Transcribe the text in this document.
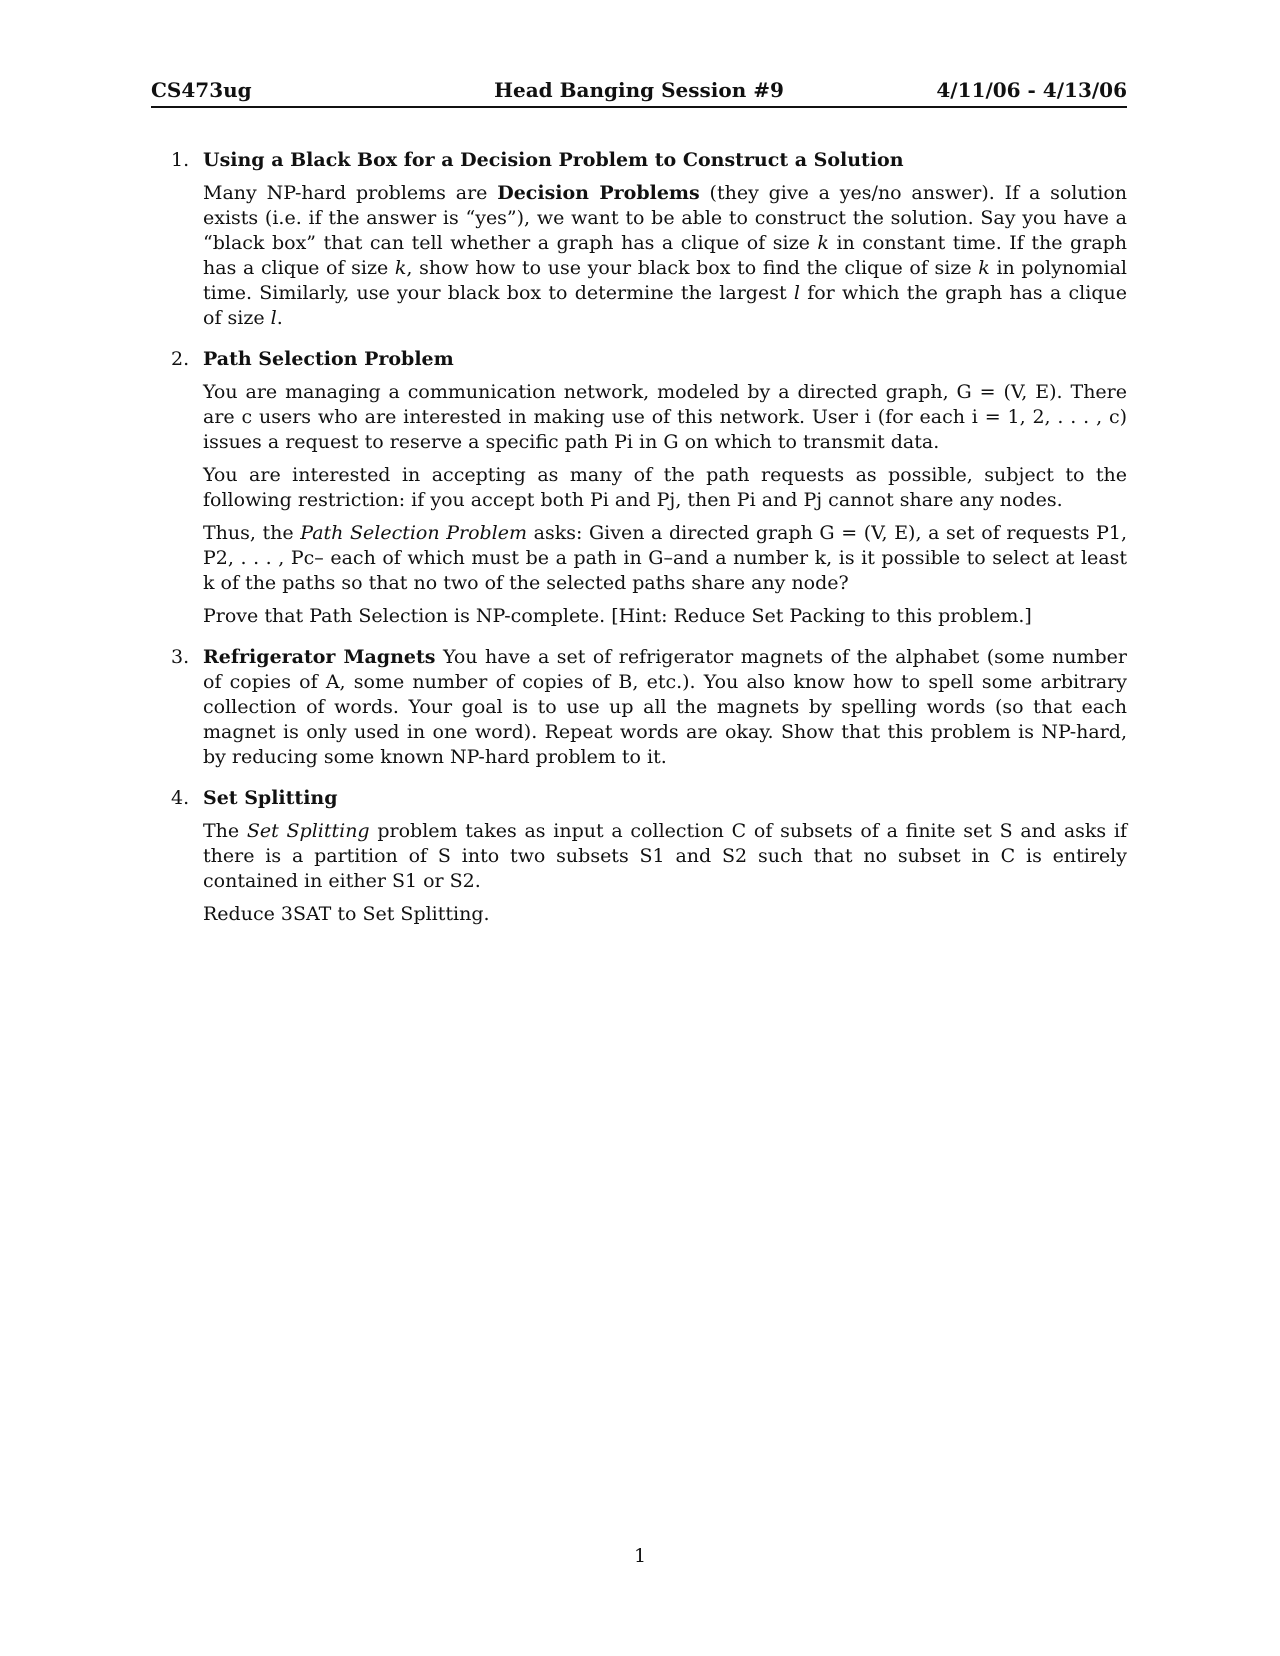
CS473ug	Head Banging Session #9	4/11/06 - 4/13/06
1. Using a Black Box for a Decision Problem to Construct a Solution

Many NP-hard problems are Decision Problems (they give a yes/no answer). If a solution exists (i.e. if the answer is “yes”), we want to be able to construct the solution. Say you have a “black box” that can tell whether a graph has a clique of size k in constant time. If the graph has a clique of size k, show how to use your black box to find the clique of size k in polynomial time. Similarly, use your black box to determine the largest l for which the graph has a clique of size l.

2. Path Selection Problem

You are managing a communication network, modeled by a directed graph, G = (V, E). There are c users who are interested in making use of this network. User i (for each i = 1, 2, . . . , c) issues a request to reserve a specific path Pi in G on which to transmit data.

You are interested in accepting as many of the path requests as possible, subject to the following restriction: if you accept both Pi and Pj, then Pi and Pj cannot share any nodes.

Thus, the Path Selection Problem asks: Given a directed graph G = (V, E), a set of requests P1, P2, . . . , Pc– each of which must be a path in G–and a number k, is it possible to select at least k of the paths so that no two of the selected paths share any node?

Prove that Path Selection is NP-complete. [Hint: Reduce Set Packing to this problem.]

3. Refrigerator Magnets You have a set of refrigerator magnets of the alphabet (some number of copies of A, some number of copies of B, etc.). You also know how to spell some arbitrary collection of words. Your goal is to use up all the magnets by spelling words (so that each magnet is only used in one word). Repeat words are okay. Show that this problem is NP-hard, by reducing some known NP-hard problem to it.

4. Set Splitting

The Set Splitting problem takes as input a collection C of subsets of a finite set S and asks if there is a partition of S into two subsets S1 and S2 such that no subset in C is entirely contained in either S1 or S2.

Reduce 3SAT to Set Splitting.

1
